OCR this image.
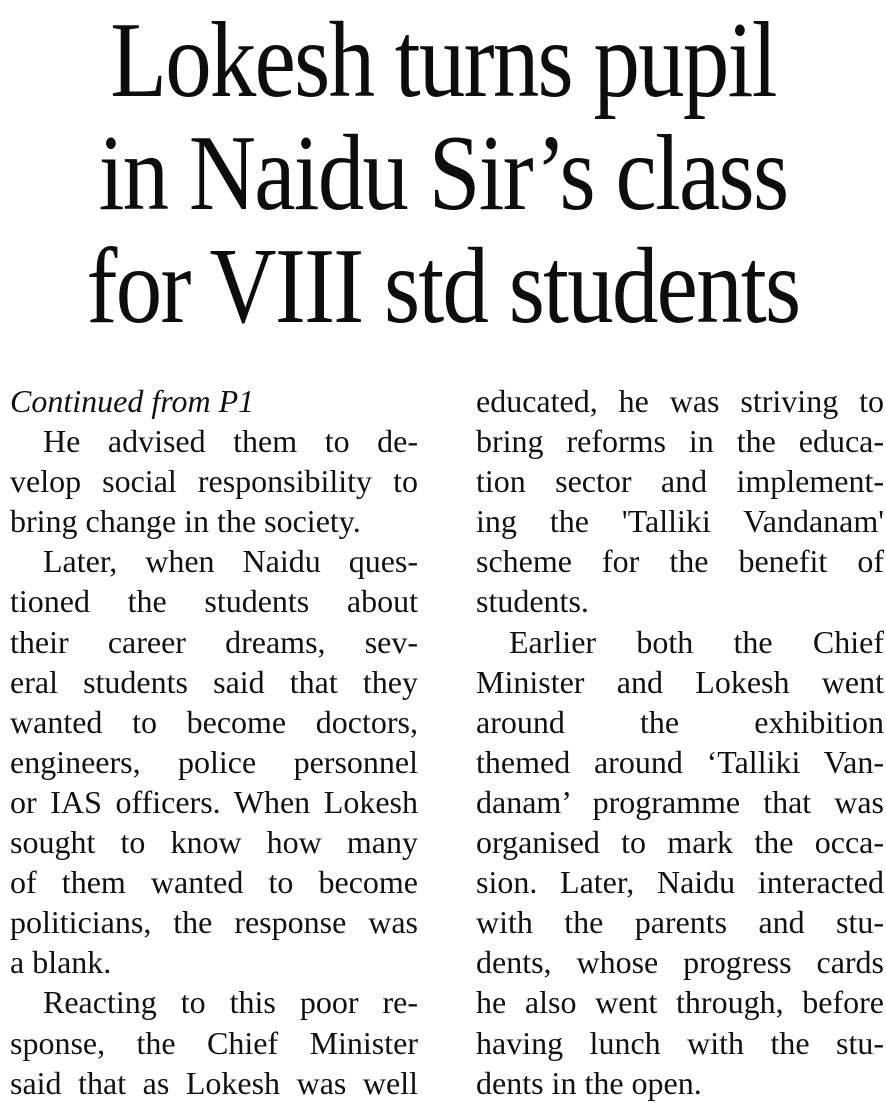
Lokesh turns pupil
in Naidu Sir’s class
for VIII std students
Continued from P1
He advised them to de-
velop social responsibility to
bring change in the society.
Later, when Naidu ques-
tioned the students about
their career dreams, sev-
eral students said that they
wanted to become doctors,
engineers, police personnel
or IAS officers. When Lokesh
sought to know how many
of them wanted to become
politicians, the response was
a blank.
Reacting to this poor re-
sponse, the Chief Minister
said that as Lokesh was well
educated, he was striving to
bring reforms in the educa-
tion sector and implement-
ing the 'Talliki Vandanam'
scheme for the benefit of
students.
Earlier both the Chief
Minister and Lokesh went
around the exhibition
themed around ‘Talliki Van-
danam’ programme that was
organised to mark the occa-
sion. Later, Naidu interacted
with the parents and stu-
dents, whose progress cards
he also went through, before
having lunch with the stu-
dents in the open.
